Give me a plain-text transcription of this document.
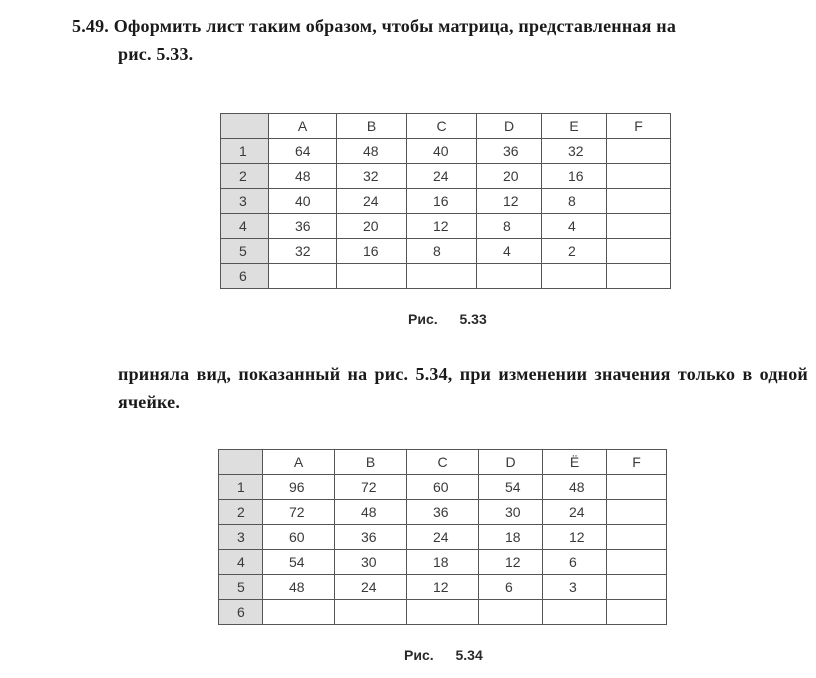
5.49. Оформить лист таким образом, чтобы матрица, представленная на
рис. 5.33.

	A	B	C	D	E	F
1	64	48	40	36	32	
2	48	32	24	20	16	
3	40	24	16	12	8	
4	36	20	12	8	4	
5	32	16	8	4	2	
6						

Рис. 5.33

приняла вид, показанный на рис. 5.34, при изменении значения только в одной ячейке.

	A	B	C	D	Ё	F
1	96	72	60	54	48	
2	72	48	36	30	24	
3	60	36	24	18	12	
4	54	30	18	12	6	
5	48	24	12	6	3	
6						

Рис. 5.34
